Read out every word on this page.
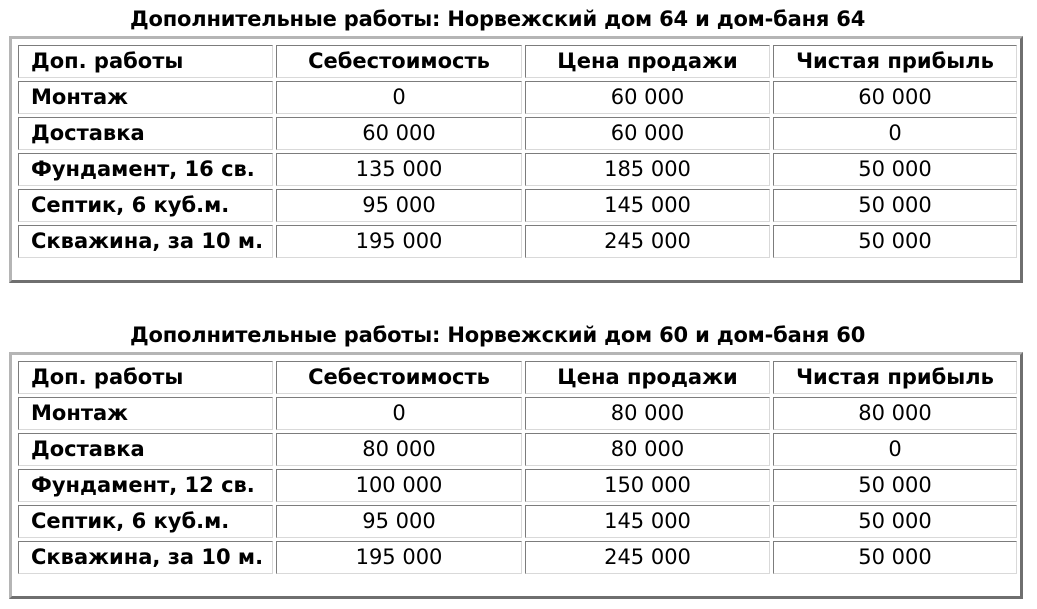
Дополнительные работы: Норвежский дом 64 и дом-баня 64
Доп. работы	Себестоимость	Цена продажи	Чистая прибыль
Монтаж	0	60 000	60 000
Доставка	60 000	60 000	0
Фундамент, 16 св.	135 000	185 000	50 000
Септик, 6 куб.м.	95 000	145 000	50 000
Скважина, за 10 м.	195 000	245 000	50 000
Дополнительные работы: Норвежский дом 60 и дом-баня 60
Доп. работы	Себестоимость	Цена продажи	Чистая прибыль
Монтаж	0	80 000	80 000
Доставка	80 000	80 000	0
Фундамент, 12 св.	100 000	150 000	50 000
Септик, 6 куб.м.	95 000	145 000	50 000
Скважина, за 10 м.	195 000	245 000	50 000
